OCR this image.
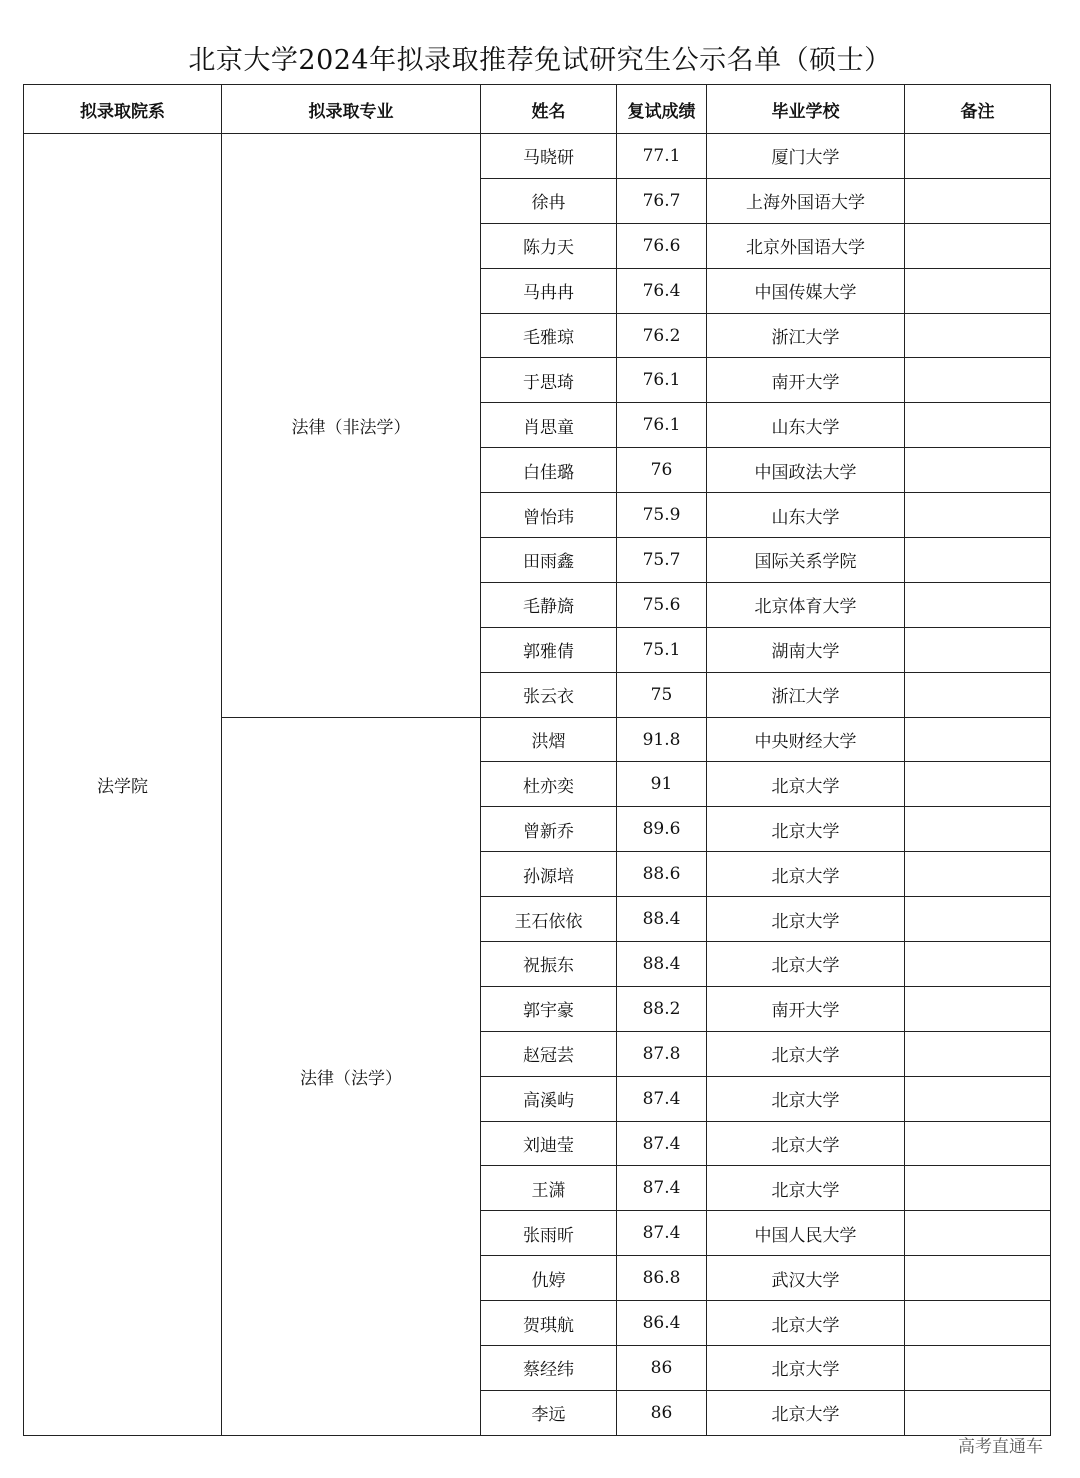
北京大学2024年拟录取推荐免试研究生公示名单（硕士）
拟录取院系	拟录取专业	姓名	复试成绩	毕业学校	备注
法学院	法律（非法学）	马晓研	77.1	厦门大学	
		徐冉	76.7	上海外国语大学	
		陈力天	76.6	北京外国语大学	
		马冉冉	76.4	中国传媒大学	
		毛雅琼	76.2	浙江大学	
		于思琦	76.1	南开大学	
		肖思童	76.1	山东大学	
		白佳璐	76	中国政法大学	
		曾怡玮	75.9	山东大学	
		田雨鑫	75.7	国际关系学院	
		毛静旖	75.6	北京体育大学	
		郭雅倩	75.1	湖南大学	
		张云衣	75	浙江大学	
	法律（法学）	洪熠	91.8	中央财经大学	
		杜亦奕	91	北京大学	
		曾新乔	89.6	北京大学	
		孙源培	88.6	北京大学	
		王石依依	88.4	北京大学	
		祝振东	88.4	北京大学	
		郭宇豪	88.2	南开大学	
		赵冠芸	87.8	北京大学	
		高溪屿	87.4	北京大学	
		刘迪莹	87.4	北京大学	
		王潇	87.4	北京大学	
		张雨昕	87.4	中国人民大学	
		仇婷	86.8	武汉大学	
		贺琪航	86.4	北京大学	
		蔡经纬	86	北京大学	
		李远	86	北京大学	
高考直通车
